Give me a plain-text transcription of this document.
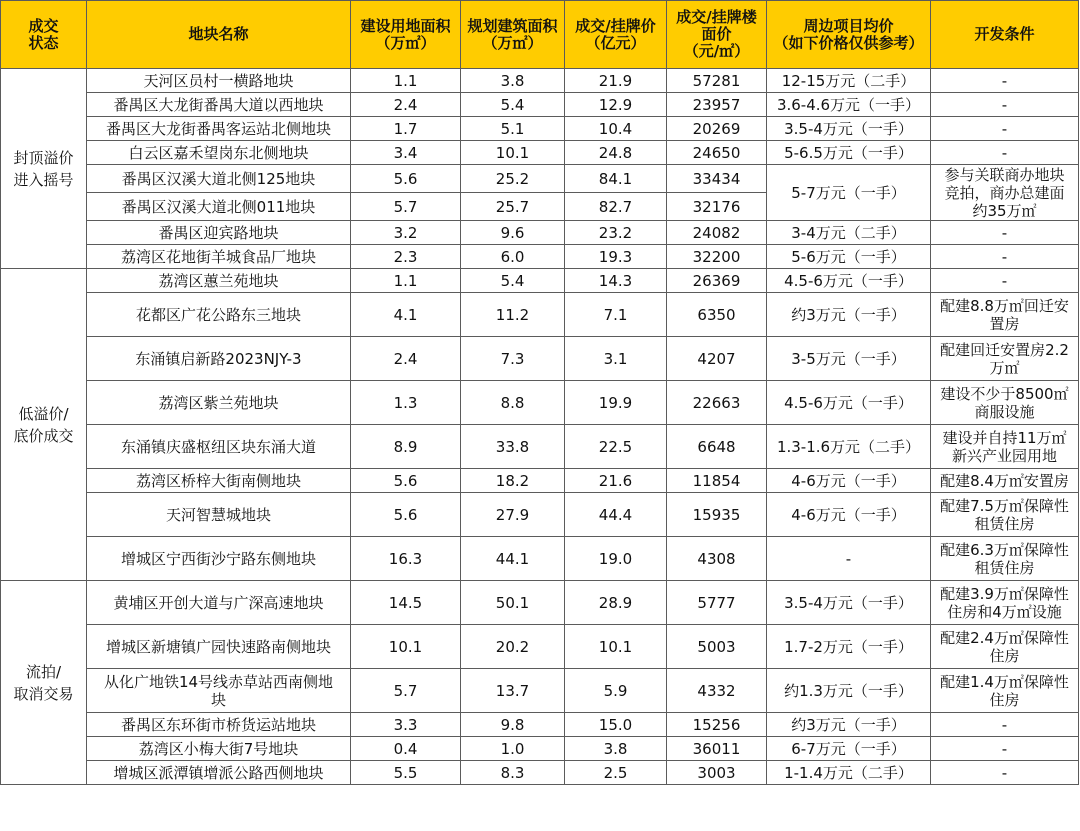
成交
状态	地块名称	建设用地面积
（万㎡）	规划建筑面积
（万㎡）	成交/挂牌价
（亿元）	成交/挂牌楼
面价
（元/㎡）	周边项目均价
（如下价格仅供参考）	开发条件
封顶溢价
进入摇号	天河区员村一横路地块	1.1	3.8	21.9	57281	12-15万元（二手）	-
	番禺区大龙街番禺大道以西地块	2.4	5.4	12.9	23957	3.6-4.6万元（一手）	-
	番禺区大龙街番禺客运站北侧地块	1.7	5.1	10.4	20269	3.5-4万元（一手）	-
	白云区嘉禾望岗东北侧地块	3.4	10.1	24.8	24650	5-6.5万元（一手）	-
	番禺区汉溪大道北侧125地块	5.6	25.2	84.1	33434	5-7万元（一手）	参与关联商办地块
竞拍，商办总建面
约35万㎡
	番禺区汉溪大道北侧011地块	5.7	25.7	82.7	32176		
	番禺区迎宾路地块	3.2	9.6	23.2	24082	3-4万元（二手）	-
	荔湾区花地街羊城食品厂地块	2.3	6.0	19.3	32200	5-6万元（一手）	-
低溢价/
底价成交	荔湾区蕙兰苑地块	1.1	5.4	14.3	26369	4.5-6万元（一手）	-
	花都区广花公路东三地块	4.1	11.2	7.1	6350	约3万元（一手）	配建8.8万㎡回迁安
置房
	东涌镇启新路2023NJY-3	2.4	7.3	3.1	4207	3-5万元（一手）	配建回迁安置房2.2
万㎡
	荔湾区紫兰苑地块	1.3	8.8	19.9	22663	4.5-6万元（一手）	建设不少于8500㎡
商服设施
	东涌镇庆盛枢纽区块东涌大道	8.9	33.8	22.5	6648	1.3-1.6万元（二手）	建设并自持11万㎡
新兴产业园用地
	荔湾区桥梓大街南侧地块	5.6	18.2	21.6	11854	4-6万元（一手）	配建8.4万㎡安置房
	天河智慧城地块	5.6	27.9	44.4	15935	4-6万元（一手）	配建7.5万㎡保障性
租赁住房
	增城区宁西街沙宁路东侧地块	16.3	44.1	19.0	4308	-	配建6.3万㎡保障性
租赁住房
流拍/
取消交易	黄埔区开创大道与广深高速地块	14.5	50.1	28.9	5777	3.5-4万元（一手）	配建3.9万㎡保障性
住房和4万㎡设施
	增城区新塘镇广园快速路南侧地块	10.1	20.2	10.1	5003	1.7-2万元（一手）	配建2.4万㎡保障性
住房
	从化广地铁14号线赤草站西南侧地
块	5.7	13.7	5.9	4332	约1.3万元（一手）	配建1.4万㎡保障性
住房
	番禺区东环街市桥货运站地块	3.3	9.8	15.0	15256	约3万元（一手）	-
	荔湾区小梅大街7号地块	0.4	1.0	3.8	36011	6-7万元（一手）	-
	增城区派潭镇增派公路西侧地块	5.5	8.3	2.5	3003	1-1.4万元（二手）	-
